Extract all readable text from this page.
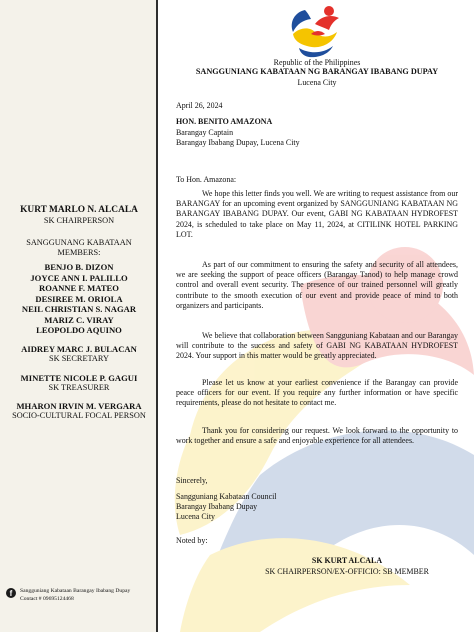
KURT MARLO N. ALCALA
SK CHAIRPERSON
SANGGUNANG KABATAAN
MEMBERS:
BENJO B. DIZON
JOYCE ANN I. PALILLO
ROANNE F. MATEO
DESIREE M. ORIOLA
NEIL CHRISTIAN S. NAGAR
MARIZ C. VIRAY
LEOPOLDO AQUINO
AIDREY MARC J. BULACAN
SK SECRETARY
MINETTE NICOLE P. GAGUI
SK TREASURER
MHARON IRVIN M. VERGARA
SOCIO-CULTURAL FOCAL PERSON
f	Sangguniang Kabataan Barangay Ibabang Dupay
Contact # 09695124468
Republic of the Philippines
SANGGUNIANG KABATAAN NG BARANGAY IBABANG DUPAY
Lucena City
April 26, 2024
HON. BENITO AMAZONA
Barangay Captain
Barangay Ibabang Dupay, Lucena City
To Hon. Amazona:

We hope this letter finds you well. We are writing to request assistance from our BARANGAY for an upcoming event organized by SANGGUNIANG KABATAAN NG BARANGAY IBABANG DUPAY. Our event, GABI NG KABATAAN HYDROFEST 2024, is scheduled to take place on May 11, 2024, at CITILINK HOTEL PARKING LOT.

As part of our commitment to ensuring the safety and security of all attendees, we are seeking the support of peace officers (Barangay Tanod) to help manage crowd control and overall event security. The presence of our trained personnel will greatly contribute to the smooth execution of our event and provide peace of mind to both organizers and participants.

We believe that collaboration between Sangguniang Kabataan and our Barangay will contribute to the success and safety of GABI NG KABATAAN HYDROFEST 2024. Your support in this matter would be greatly appreciated.

Please let us know at your earliest convenience if the Barangay can provide peace officers for our event. If you require any further information or have specific requirements, please do not hesitate to contact me.

Thank you for considering our request. We look forward to the opportunity to work together and ensure a safe and enjoyable experience for all attendees.

Sincerely,
Sangguniang Kabataan Council
Barangay Ibabang Dupay
Lucena City
Noted by:
SK KURT ALCALA
SK CHAIRPERSON/EX-OFFICIO: SB MEMBER
